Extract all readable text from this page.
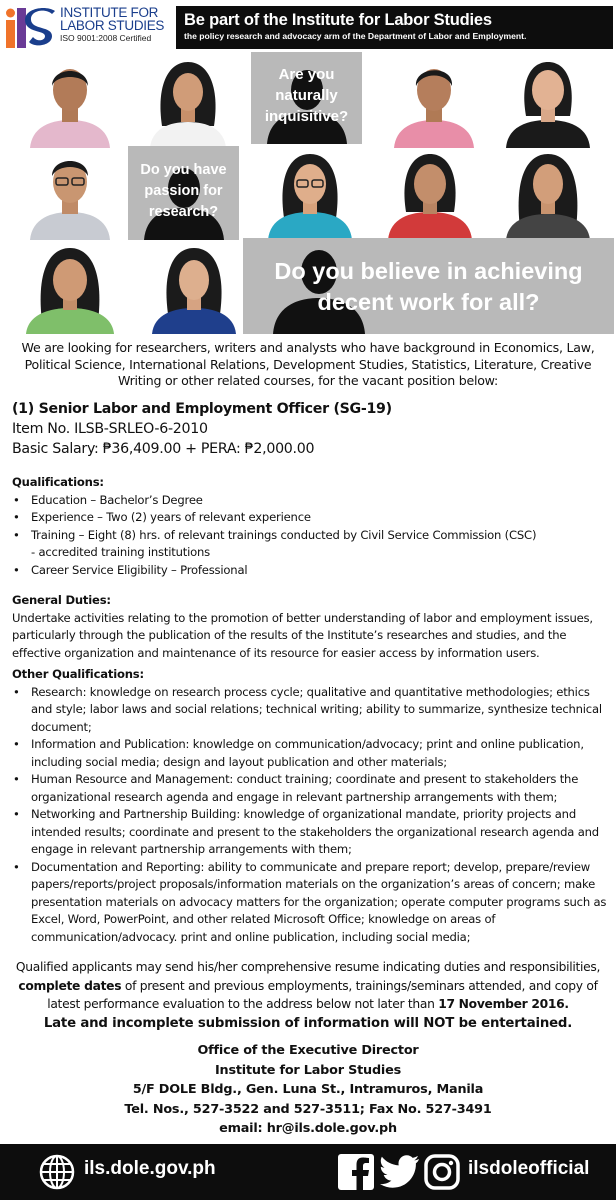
INSTITUTE FOR
LABOR STUDIES
ISO 9001:2008 Certified
Be part of the Institute for Labor Studies
the policy research and advocacy arm of the Department of Labor and Employment.
Are you naturally inquisitive?
Do you have passion for research?
Do you believe in achieving decent work for all?
We are looking for researchers, writers and analysts who have background in Economics, Law, Political Science, International Relations, Development Studies, Statistics, Literature, Creative Writing or other related courses, for the vacant position below:
(1) Senior Labor and Employment Officer (SG-19)
Item No. ILSB-SRLEO-6-2010
Basic Salary: ₱36,409.00 + PERA: ₱2,000.00
Qualifications:
• Education – Bachelor’s Degree
• Experience – Two (2) years of relevant experience
• Training – Eight (8) hrs. of relevant trainings conducted by Civil Service Commission (CSC)
- accredited training institutions
• Career Service Eligibility – Professional
General Duties:
Undertake activities relating to the promotion of better understanding of labor and employment issues, particularly through the publication of the results of the Institute’s researches and studies, and the effective organization and maintenance of its resource for easier access by information users.
Other Qualifications:
• Research: knowledge on research process cycle; qualitative and quantitative methodologies; ethics and style; labor laws and social relations; technical writing; ability to summarize, synthesize technical document;
• Information and Publication: knowledge on communication/advocacy; print and online publication, including social media; design and layout publication and other materials;
• Human Resource and Management: conduct training; coordinate and present to stakeholders the organizational research agenda and engage in relevant partnership arrangements with them;
• Networking and Partnership Building: knowledge of organizational mandate, priority projects and intended results; coordinate and present to the stakeholders the organizational research agenda and engage in relevant partnership arrangements with them;
• Documentation and Reporting: ability to communicate and prepare report; develop, prepare/review papers/reports/project proposals/information materials on the organization’s areas of concern; make presentation materials on advocacy matters for the organization; operate computer programs such as Excel, Word, PowerPoint, and other related Microsoft Office; knowledge on areas of communication/advocacy. print and online publication, including social media;
Qualified applicants may send his/her comprehensive resume indicating duties and responsibilities,
complete dates of present and previous employments, trainings/seminars attended, and copy of latest performance evaluation to the address below not later than 17 November 2016.
Late and incomplete submission of information will NOT be entertained.
Office of the Executive Director
Institute for Labor Studies
5/F DOLE Bldg., Gen. Luna St., Intramuros, Manila
Tel. Nos., 527-3522 and 527-3511; Fax No. 527-3491
email: hr@ils.dole.gov.ph
ils.dole.gov.ph	ilsdoleofficial
